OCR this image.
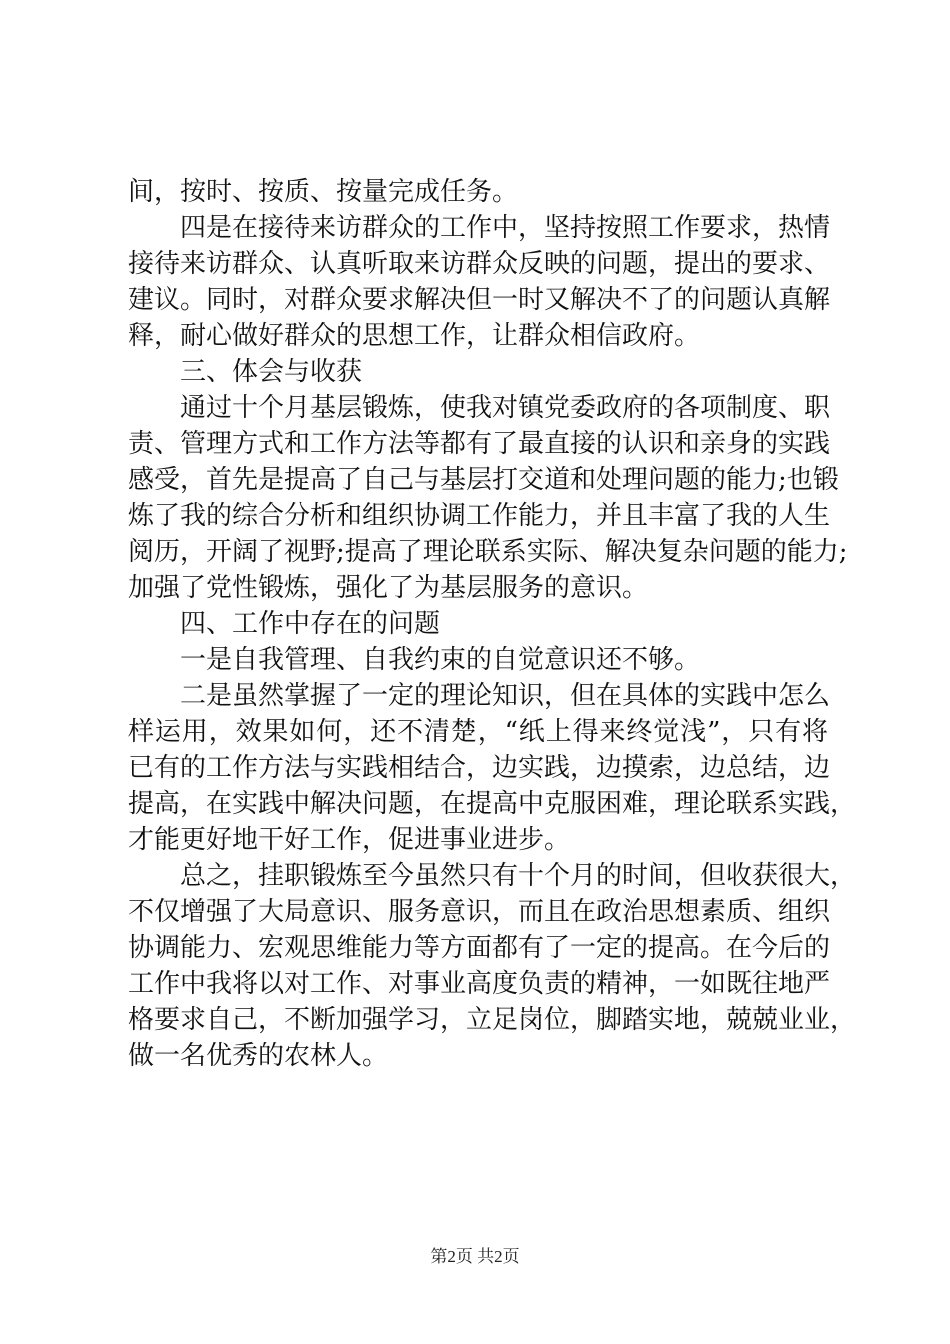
间，按时、按质、按量完成任务。
四是在接待来访群众的工作中，坚持按照工作要求，热情
接待来访群众、认真听取来访群众反映的问题，提出的要求、
建议。同时，对群众要求解决但一时又解决不了的问题认真解
释，耐心做好群众的思想工作，让群众相信政府。
三、体会与收获
通过十个月基层锻炼，使我对镇党委政府的各项制度、职
责、管理方式和工作方法等都有了最直接的认识和亲身的实践
感受，首先是提高了自己与基层打交道和处理问题的能力;也锻
炼了我的综合分析和组织协调工作能力，并且丰富了我的人生
阅历，开阔了视野;提高了理论联系实际、解决复杂问题的能力;
加强了党性锻炼，强化了为基层服务的意识。
四、工作中存在的问题
一是自我管理、自我约束的自觉意识还不够。
二是虽然掌握了一定的理论知识，但在具体的实践中怎么
样运用，效果如何，还不清楚，“纸上得来终觉浅”，只有将
已有的工作方法与实践相结合，边实践，边摸索，边总结，边
提高，在实践中解决问题，在提高中克服困难，理论联系实践，
才能更好地干好工作，促进事业进步。
总之，挂职锻炼至今虽然只有十个月的时间，但收获很大，
不仅增强了大局意识、服务意识，而且在政治思想素质、组织
协调能力、宏观思维能力等方面都有了一定的提高。在今后的
工作中我将以对工作、对事业高度负责的精神，一如既往地严
格要求自己，不断加强学习，立足岗位，脚踏实地，兢兢业业，
做一名优秀的农林人。
第2页 共2页
